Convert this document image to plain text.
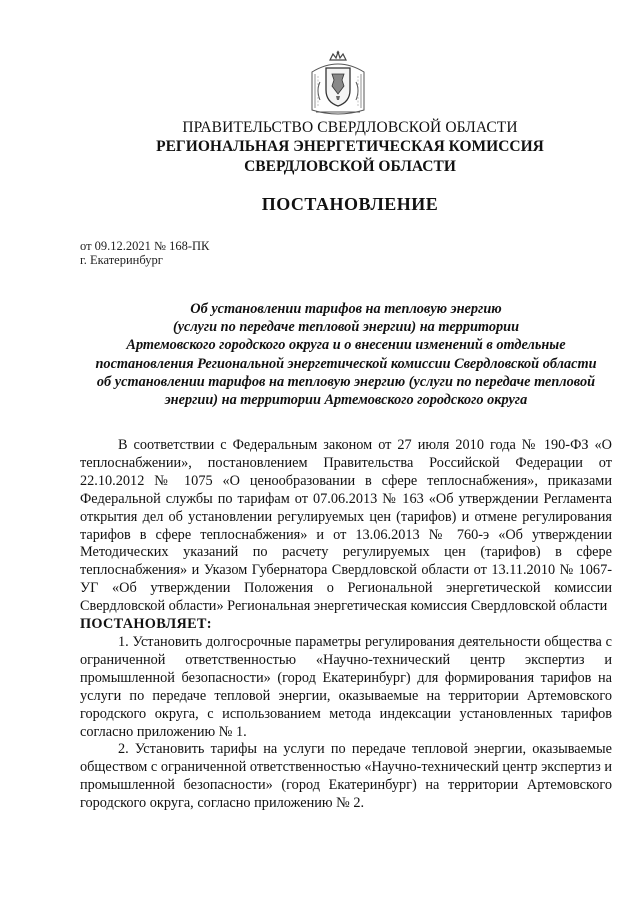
ПРАВИТЕЛЬСТВО СВЕРДЛОВСКОЙ ОБЛАСТИ
РЕГИОНАЛЬНАЯ ЭНЕРГЕТИЧЕСКАЯ КОМИССИЯ
СВЕРДЛОВСКОЙ ОБЛАСТИ
ПОСТАНОВЛЕНИЕ
от 09.12.2021 № 168-ПК
г. Екатеринбург
Об установлении тарифов на тепловую энергию
(услуги по передаче тепловой энергии) на территории
Артемовского городского округа и о внесении изменений в отдельные
постановления Региональной энергетической комиссии Свердловской области
об установлении тарифов на тепловую энергию (услуги по передаче тепловой
энергии) на территории Артемовского городского округа

В соответствии с Федеральным законом от 27 июля 2010 года № 190-ФЗ «О теплоснабжении», постановлением Правительства Российской Федерации от 22.10.2012 № 1075 «О ценообразовании в сфере теплоснабжения», приказами Федеральной службы по тарифам от 07.06.2013 № 163 «Об утверждении Регламента открытия дел об установлении регулируемых цен (тарифов) и отмене регулирования тарифов в сфере теплоснабжения» и от 13.06.2013 № 760-э «Об утверждении Методических указаний по расчету регулируемых цен (тарифов) в сфере теплоснабжения» и Указом Губернатора Свердловской области от 13.11.2010 № 1067-УГ «Об утверждении Положения о Региональной энергетической комиссии Свердловской области» Региональная энергетическая комиссия Свердловской области

ПОСТАНОВЛЯЕТ:

1. Установить долгосрочные параметры регулирования деятельности общества с ограниченной ответственностью «Научно-технический центр экспертиз и промышленной безопасности» (город Екатеринбург) для формирования тарифов на услуги по передаче тепловой энергии, оказываемые на территории Артемовского городского округа, с использованием метода индексации установленных тарифов согласно приложению № 1.

2. Установить тарифы на услуги по передаче тепловой энергии, оказываемые обществом с ограниченной ответственностью «Научно-технический центр экспертиз и промышленной безопасности» (город Екатеринбург) на территории Артемовского городского округа, согласно приложению № 2.
